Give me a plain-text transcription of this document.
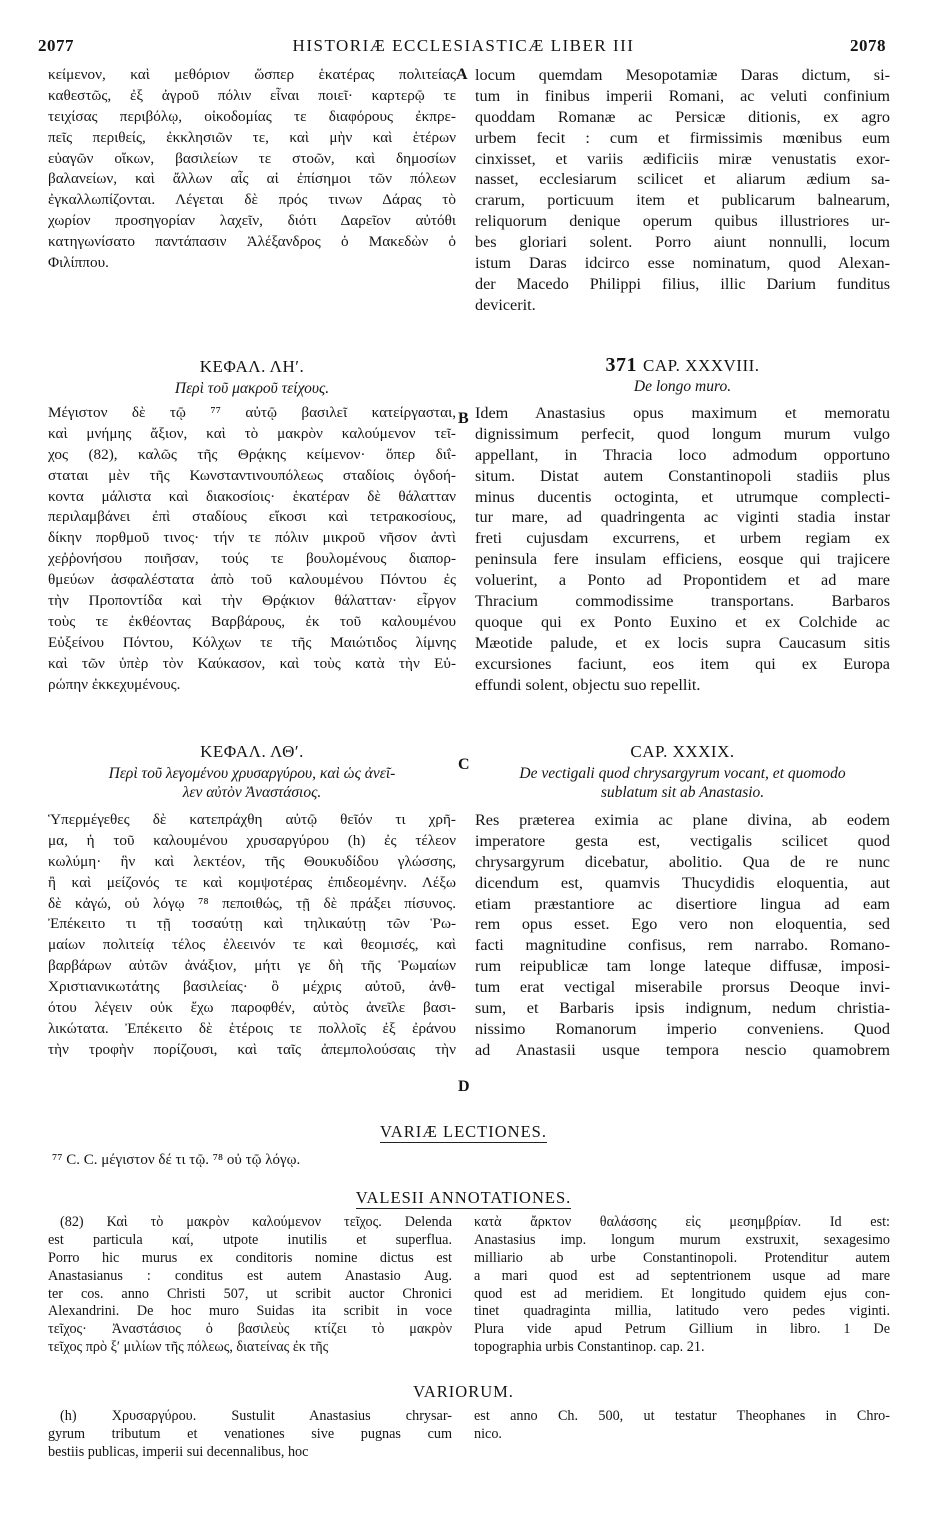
2077	HISTORIÆ ECCLESIASTICÆ LIBER III	2078
A
B
C
D
κείμενον, καὶ μεθόριον ὥσπερ ἑκατέρας πολιτείας
καθεστῶς, ἐξ ἀγροῦ πόλιν εἶναι ποιεῖ· καρτερῷ τε
τειχίσας περιβόλῳ, οἰκοδομίας τε διαφόρους ἐκπρε-
πεῖς περιθείς, ἐκκλησιῶν τε, καὶ μὴν καὶ ἑτέρων
εὐαγῶν οἴκων, βασιλείων τε στοῶν, καὶ δημοσίων
βαλανείων, καὶ ἄλλων αἷς αἱ ἐπίσημοι τῶν πόλεων
ἐγκαλλωπίζονται. Λέγεται δὲ πρός τινων Δάρας τὸ
χωρίον προσηγορίαν λαχεῖν, διότι Δαρεῖον αὐτόθι
κατηγωνίσατο παντάπασιν Ἀλέξανδρος ὁ Μακεδὼν ὁ
Φιλίππου.
locum quemdam Mesopotamiæ Daras dictum, si-
tum in finibus imperii Romani, ac veluti confinium
quoddam Romanæ ac Persicæ ditionis, ex agro
urbem fecit : cum et firmissimis mœnibus eum
cinxisset, et variis ædificiis miræ venustatis exor-
nasset, ecclesiarum scilicet et aliarum ædium sa-
crarum, porticuum item et publicarum balnearum,
reliquorum denique operum quibus illustriores ur-
bes gloriari solent. Porro aiunt nonnulli, locum
istum Daras idcirco esse nominatum, quod Alexan-
der Macedo Philippi filius, illic Darium funditus
devicerit.
ΚΕΦΑΛ. ΛΗʹ.
Περὶ τοῦ μακροῦ τείχους.
371 CAP. XXXVIII.
De longo muro.
Μέγιστον δὲ τῷ ⁷⁷ αὐτῷ βασιλεῖ κατείργασται,
καὶ μνήμης ἄξιον, καὶ τὸ μακρὸν καλούμενον τεῖ-
χος (82), καλῶς τῆς Θρᾴκης κείμενον· ὅπερ διΐ-
σταται μὲν τῆς Κωνσταντινουπόλεως σταδίοις ὀγδοή-
κοντα μάλιστα καὶ διακοσίοις· ἑκατέραν δὲ θάλατταν
περιλαμβάνει ἐπὶ σταδίους εἴκοσι καὶ τετρακοσίους,
δίκην πορθμοῦ τινος· τήν τε πόλιν μικροῦ νῆσον ἀντὶ
χεῤῥονήσου ποιῆσαν, τούς τε βουλομένους διαπορ-
θμεύων ἀσφαλέστατα ἀπὸ τοῦ καλουμένου Πόντου ἐς
τὴν Προποντίδα καὶ τὴν Θρᾴκιον θάλατταν· εἶργον
τοὺς τε ἐκθέοντας Βαρβάρους, ἐκ τοῦ καλουμένου
Εὐξείνου Πόντου, Κόλχων τε τῆς Μαιώτιδος λίμνης
καὶ τῶν ὑπὲρ τὸν Καύκασον, καὶ τοὺς κατὰ τὴν Εὐ-
ρώπην ἐκκεχυμένους.
Idem Anastasius opus maximum et memoratu
dignissimum perfecit, quod longum murum vulgo
appellant, in Thracia loco admodum opportuno
situm. Distat autem Constantinopoli stadiis plus
minus ducentis octoginta, et utrumque complecti-
tur mare, ad quadringenta ac viginti stadia instar
freti cujusdam excurrens, et urbem regiam ex
peninsula fere insulam efficiens, eosque qui trajicere
voluerint, a Ponto ad Propontidem et ad mare
Thracium commodissime transportans. Barbaros
quoque qui ex Ponto Euxino et ex Colchide ac
Mæotide palude, et ex locis supra Caucasum sitis
excursiones faciunt, eos item qui ex Europa
effundi solent, objectu suo repellit.
ΚΕΦΑΛ. ΛΘʹ.
Περὶ τοῦ λεγομένου χρυσαργύρου, καὶ ὡς ἀνεῖ-
λεν αὐτὸν Ἀναστάσιος.
CAP. XXXIX.
De vectigali quod chrysargyrum vocant, et quomodo
sublatum sit ab Anastasio.
Ὑπερμέγεθες δὲ κατεπράχθη αὐτῷ θεῖόν τι χρῆ-
μα, ἡ τοῦ καλουμένου χρυσαργύρου (h) ἐς τέλεον
κωλύμη· ἣν καὶ λεκτέον, τῆς Θουκυδίδου γλώσσης,
ἢ καὶ μείζονός τε καὶ κομψοτέρας ἐπιδεομένην. Λέξω
δὲ κἀγώ, οὐ λόγῳ ⁷⁸ πεποιθώς, τῇ δὲ πράξει πίσυνος.
Ἐπέκειτο τι τῇ τοσαύτῃ καὶ τηλικαύτῃ τῶν Ῥω-
μαίων πολιτείᾳ τέλος ἐλεεινόν τε καὶ θεομισές, καὶ
βαρβάρων αὐτῶν ἀνάξιον, μήτι γε δὴ τῆς Ῥωμαίων
Χριστιανικωτάτης βασιλείας· ὃ μέχρις αὐτοῦ, ἀνθ-
ότου λέγειν οὐκ ἔχω παροφθέν, αὐτὸς ἀνεῖλε βασι-
λικώτατα. Ἐπέκειτο δὲ ἑτέροις τε πολλοῖς ἐξ ἐράνου
τὴν τροφὴν πορίζουσι, καὶ ταῖς ἀπεμπολούσαις τὴν
Res præterea eximia ac plane divina, ab eodem
imperatore gesta est, vectigalis scilicet quod
chrysargyrum dicebatur, abolitio. Qua de re nunc
dicendum est, quamvis Thucydidis eloquentia, aut
etiam præstantiore ac disertiore lingua ad eam
rem opus esset. Ego vero non eloquentia, sed
facti magnitudine confisus, rem narrabo. Romano-
rum reipublicæ tam longe lateque diffusæ, imposi-
tum erat vectigal miserabile prorsus Deoque invi-
sum, et Barbaris ipsis indignum, nedum christia-
nissimo Romanorum imperio conveniens. Quod
ad Anastasii usque tempora nescio quamobrem
VARIÆ LECTIONES.
⁷⁷ C. C. μέγιστον δέ τι τῷ. ⁷⁸ οὐ τῷ λόγῳ.
VALESII ANNOTATIONES.
(82) Καὶ τὸ μακρὸν καλούμενον τεῖχος. Delenda
est particula καί, utpote inutilis et superflua.
Porro hic murus ex conditoris nomine dictus est
Anastasianus : conditus est autem Anastasio Aug.
ter cos. anno Christi 507, ut scribit auctor Chronici
Alexandrini. De hoc muro Suidas ita scribit in voce
τεῖχος· Ἀναστάσιος ὁ βασιλεὺς κτίζει τὸ μακρὸν
τεῖχος πρὸ ξʹ μιλίων τῆς πόλεως, διατείνας ἐκ τῆς
κατὰ ἄρκτον θαλάσσης εἰς μεσημβρίαν. Id est:
Anastasius imp. longum murum exstruxit, sexagesimo
milliario ab urbe Constantinopoli. Protenditur autem
a mari quod est ad septentrionem usque ad mare
quod est ad meridiem. Et longitudo quidem ejus con-
tinet quadraginta millia, latitudo vero pedes viginti.
Plura vide apud Petrum Gillium in libro. 1 De
topographia urbis Constantinop. cap. 21.
VARIORUM.
(h) Χρυσαργύρου. Sustulit Anastasius chrysar-
gyrum tributum et venationes sive pugnas cum
bestiis publicas, imperii sui decennalibus, hoc
est anno Ch. 500, ut testatur Theophanes in Chro-
nico.
